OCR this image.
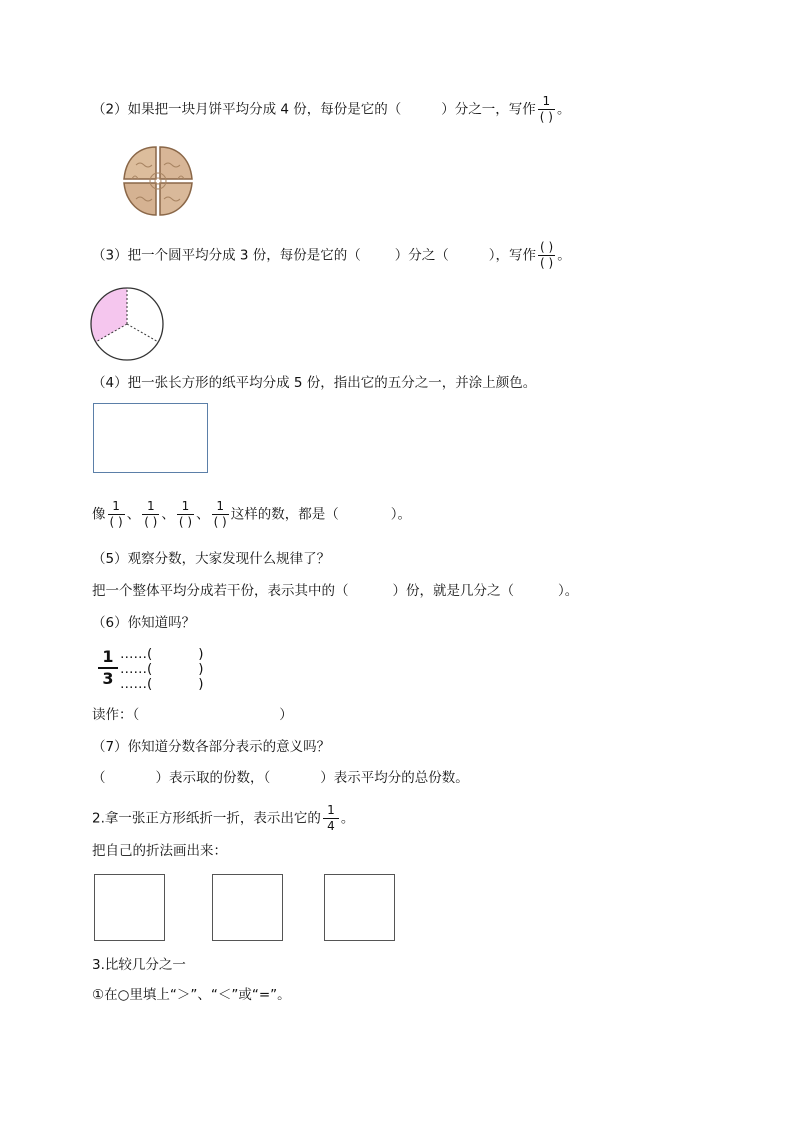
（2）如果把一块月饼平均分成 4 份，每份是它的（	）分之一，写作 $\frac{1}{( )}$ 。
（3）把一个圆平均分成 3 份，每份是它的（	）分之（	），写作 $\frac{( )}{( )}$ 。
（4）把一张长方形的纸平均分成 5 份，指出它的五分之一，并涂上颜色。
像 $\frac{1}{( )}$ 、 $\frac{1}{( )}$ 、 $\frac{1}{( )}$ 、 $\frac{1}{( )}$ 这样的数，都是（	）。
（5）观察分数，大家发现什么规律了？
把一个整体平均分成若干份，表示其中的（	）份，就是几分之（	）。
（6）你知道吗？
1
3
……(	)
……(	)
……(	)
读作：（	）
（7）你知道分数各部分表示的意义吗？
（	）表示取的份数，（	）表示平均分的总份数。
2.拿一张正方形纸折一折，表示出它的 $\frac{1}{4}$ 。
把自己的折法画出来：
3.比较几分之一
①在○里填上“＞”、“＜”或“=”。
